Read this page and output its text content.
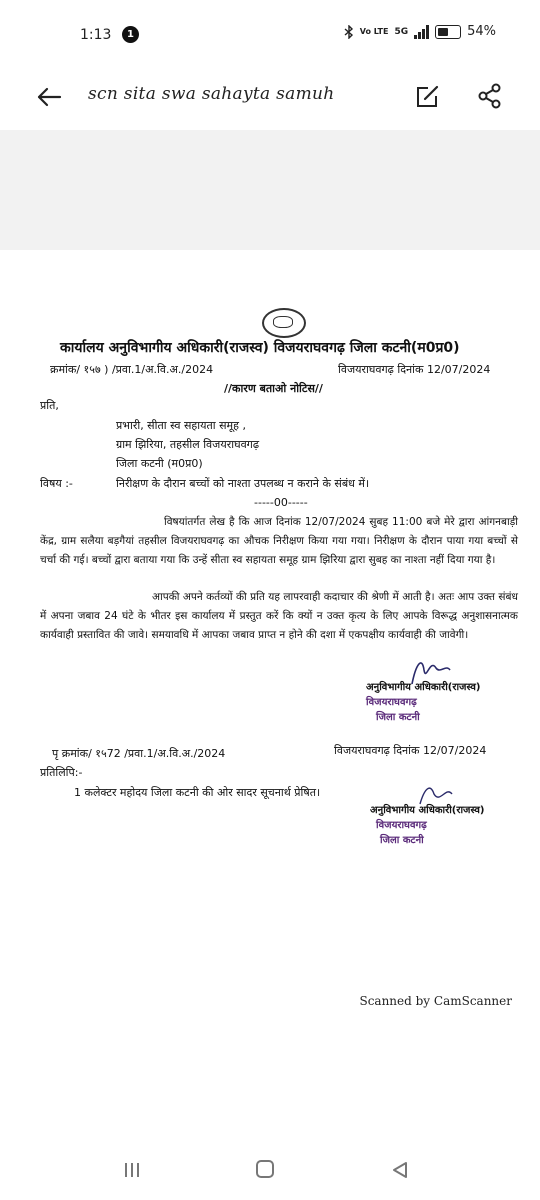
1:13	1	Vo LTE 5G	54%
scn sita swa sahayta samuh
कार्यालय अनुविभागीय अधिकारी(राजस्व) विजयराघवगढ़ जिला कटनी(म0प्र0)
क्रमांक/ १५७ ) /प्रवा.1/अ.वि.अ./2024	विजयराघवगढ़ दिनांक 12/07/2024
//कारण बताओ नोटिस//
प्रति,
प्रभारी, सीता स्व सहायता समूह ,
ग्राम झिरिया, तहसील विजयराघवगढ़
जिला कटनी (म0प्र0)
विषय :-	निरीक्षण के दौरान बच्चों को नाश्ता उपलब्ध न कराने के संबंध में।
-----00-----
विषयांतर्गत लेख है कि आज दिनांक 12/07/2024 सुबह 11:00 बजे मेरे द्वारा आंगनबाड़ी केंद्र, ग्राम सलैया बड़गैयां तहसील विजयराघवगढ़ का औचक निरीक्षण किया गया गया। निरीक्षण के दौरान पाया गया बच्चों से चर्चा की गई। बच्चों द्वारा बताया गया कि उन्हें सीता स्व सहायता समूह ग्राम झिरिया द्वारा सुबह का नाश्ता नहीं दिया गया है।
आपकी अपने कर्तव्यों की प्रति यह लापरवाही कदाचार की श्रेणी में आती है। अतः आप उक्त संबंध में अपना जबाव 24 घंटे के भीतर इस कार्यालय में प्रस्तुत करें कि क्यों न उक्त कृत्य के लिए आपके विरूद्ध अनुशासनात्मक कार्यवाही प्रस्तावित की जावे। समयावधि में आपका जबाव प्राप्त न होने की दशा में एकपक्षीय कार्यवाही की जावेगी।
अनुविभागीय अधिकारी(राजस्व)
विजयराघवगढ़
जिला कटनी
पृ क्रमांक/ १५72 /प्रवा.1/अ.वि.अ./2024	विजयराघवगढ़ दिनांक 12/07/2024
प्रतिलिपि:-
1 कलेक्टर महोदय जिला कटनी की ओर सादर सूचनार्थ प्रेषित।
अनुविभागीय अधिकारी(राजस्व)
विजयराघवगढ़
जिला कटनी
Scanned by CamScanner
